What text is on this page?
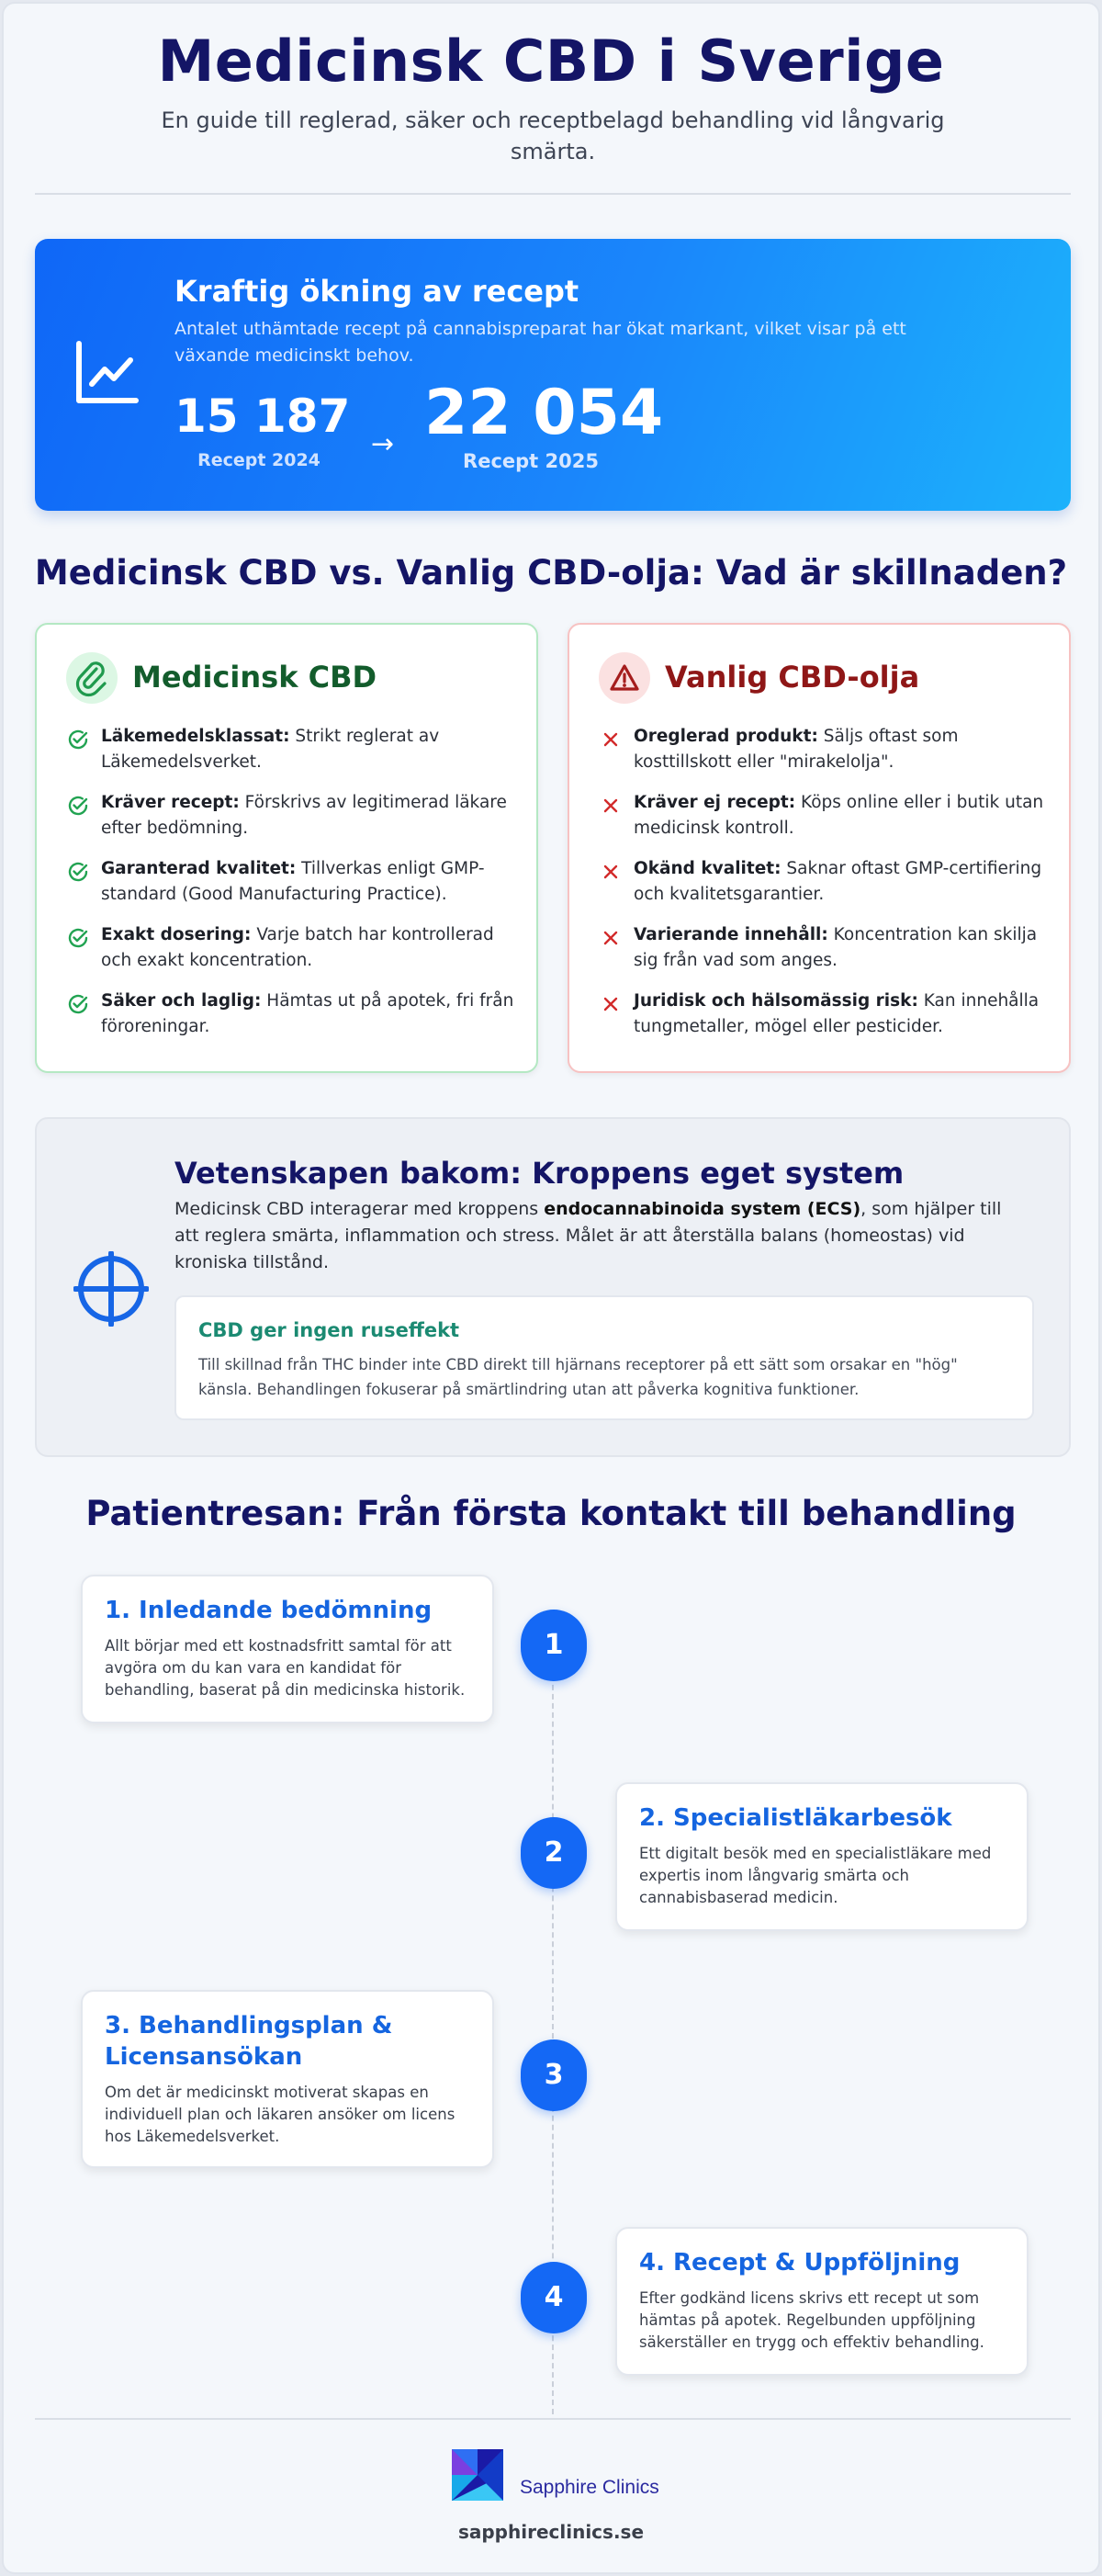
Medicinsk CBD i Sverige
En guide till reglerad, säker och receptbelagd behandling vid långvarig smärta.
Kraftig ökning av recept
Antalet uthämtade recept på cannabispreparat har ökat markant, vilket visar på ett växande medicinskt behov.
15 187
Recept 2024	→ 22 054
Recept 2025
Medicinsk CBD vs. Vanlig CBD-olja: Vad är skillnaden?
Medicinsk CBD
Läkemedelsklassat: Strikt reglerat av Läkemedelsverket.
Kräver recept: Förskrivs av legitimerad läkare efter bedömning.
Garanterad kvalitet: Tillverkas enligt GMP-standard (Good Manufacturing Practice).
Exakt dosering: Varje batch har kontrollerad och exakt koncentration.
Säker och laglig: Hämtas ut på apotek, fri från föroreningar.
Vanlig CBD-olja
Oreglerad produkt: Säljs oftast som kosttillskott eller "mirakelolja".
Kräver ej recept: Köps online eller i butik utan medicinsk kontroll.
Okänd kvalitet: Saknar oftast GMP-certifiering och kvalitetsgarantier.
Varierande innehåll: Koncentration kan skilja sig från vad som anges.
Juridisk och hälsomässig risk: Kan innehålla tungmetaller, mögel eller pesticider.
Vetenskapen bakom: Kroppens eget system
Medicinsk CBD interagerar med kroppens endocannabinoida system (ECS), som hjälper till att reglera smärta, inflammation och stress. Målet är att återställa balans (homeostas) vid kroniska tillstånd.
CBD ger ingen ruseffekt
Till skillnad från THC binder inte CBD direkt till hjärnans receptorer på ett sätt som orsakar en "hög" känsla. Behandlingen fokuserar på smärtlindring utan att påverka kognitiva funktioner.
Patientresan: Från första kontakt till behandling
1
1. Inledande bedömning
Allt börjar med ett kostnadsfritt samtal för att avgöra om du kan vara en kandidat för behandling, baserat på din medicinska historik.
2
2. Specialistläkarbesök
Ett digitalt besök med en specialistläkare med expertis inom långvarig smärta och cannabisbaserad medicin.
3
3. Behandlingsplan & Licensansökan
Om det är medicinskt motiverat skapas en individuell plan och läkaren ansöker om licens hos Läkemedelsverket.
4
4. Recept & Uppföljning
Efter godkänd licens skrivs ett recept ut som hämtas på apotek. Regelbunden uppföljning säkerställer en trygg och effektiv behandling.
Sapphire Clinics
sapphireclinics.se
